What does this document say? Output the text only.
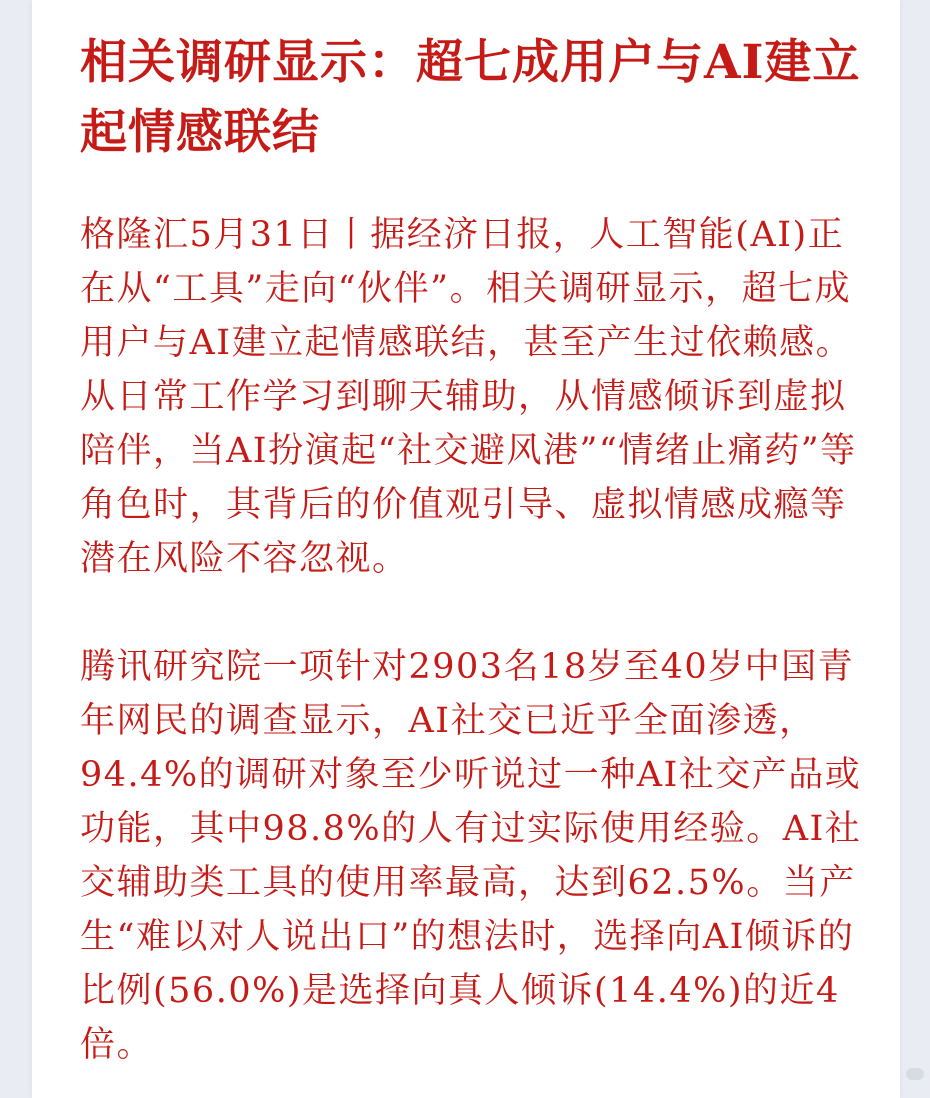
相关调研显示：超七成用户与AI建立起情感联结

格隆汇5月31日丨据经济日报，人工智能(AI)正在从“工具”走向“伙伴”。相关调研显示，超七成用户与AI建立起情感联结，甚至产生过依赖感。从日常工作学习到聊天辅助，从情感倾诉到虚拟陪伴，当AI扮演起“社交避风港”“情绪止痛药”等角色时，其背后的价值观引导、虚拟情感成瘾等潜在风险不容忽视。

腾讯研究院一项针对2903名18岁至40岁中国青年网民的调查显示，AI社交已近乎全面渗透，94.4%的调研对象至少听说过一种AI社交产品或功能，其中98.8%的人有过实际使用经验。AI社交辅助类工具的使用率最高，达到62.5%。当产生“难以对人说出口”的想法时，选择向AI倾诉的比例(56.0%)是选择向真人倾诉(14.4%)的近4倍。
